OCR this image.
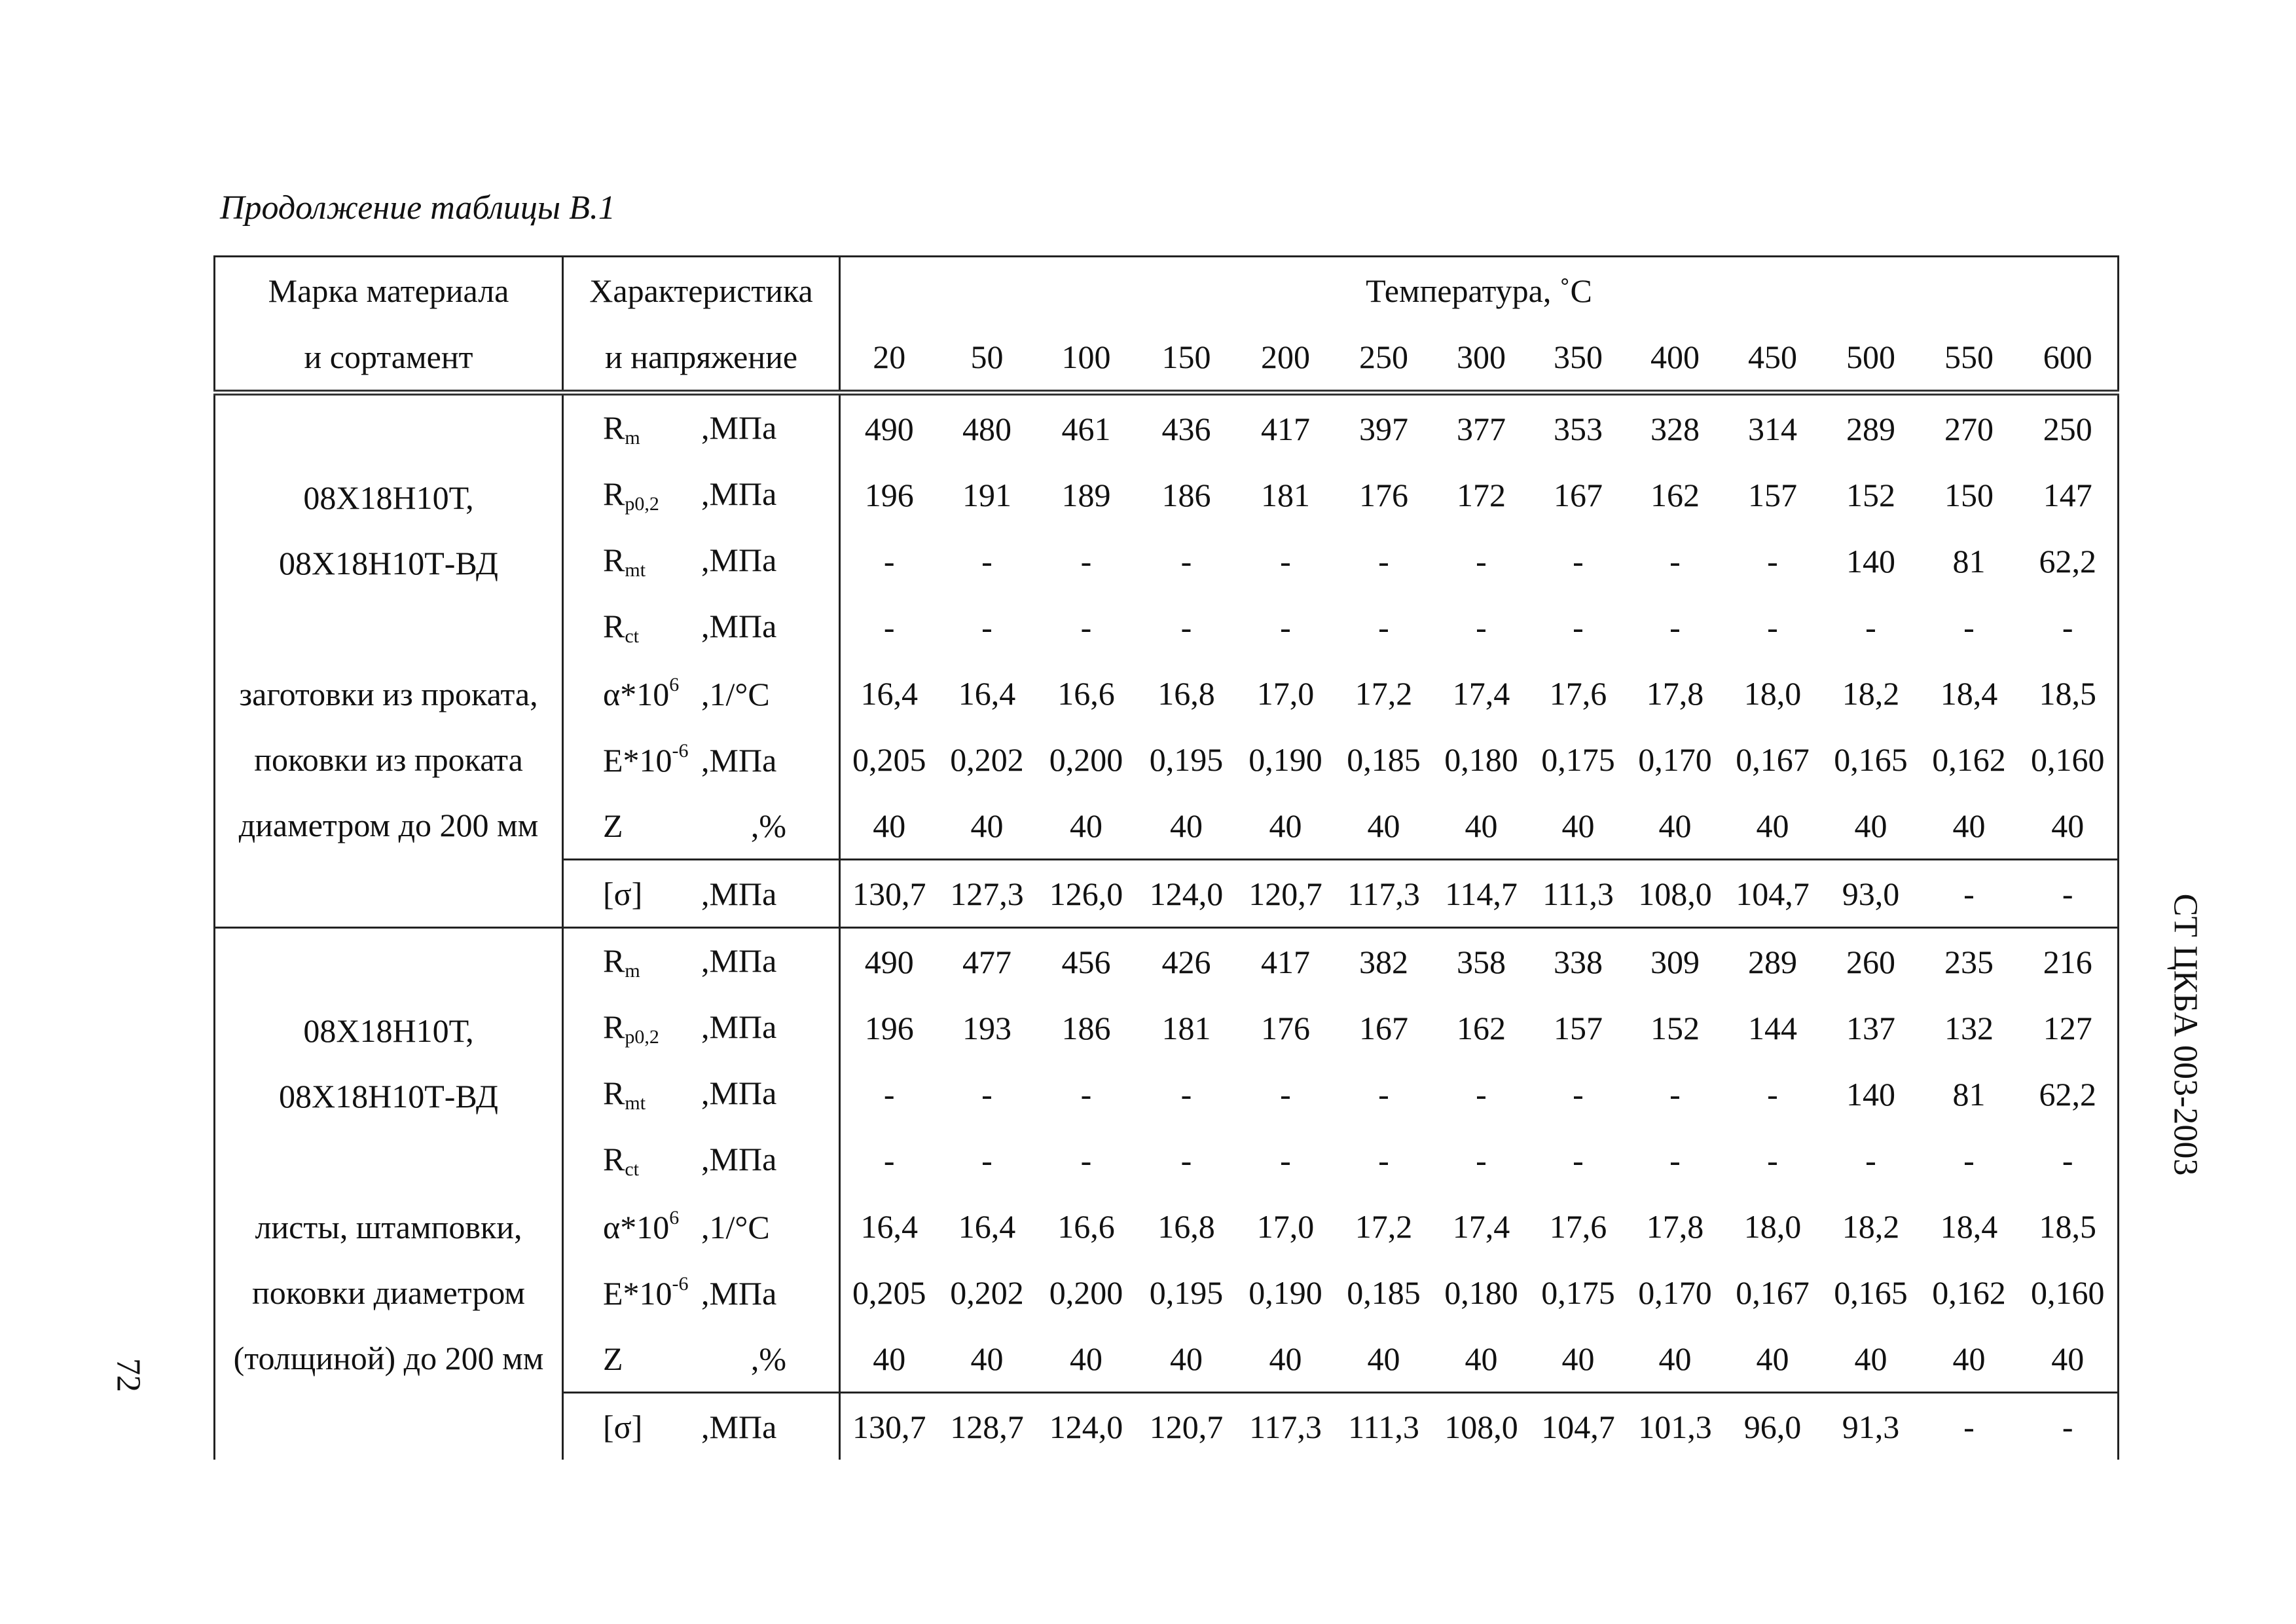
Продолжение таблицы В.1
СТ ЦКБА 003-2003
72
Марка материала	Характеристика	Температура, ˚С												
и сортамент	и напряжение	20	50	100	150	200	250	300	350	400	450	500	550	600

08Х18Н10Т,
08Х18Н10Т-ВД

заготовки из проката,
поковки из проката
диаметром до 200 мм	$R_m$ ,МПа	490	480	461	436	417	397	377	353	328	314	289	270	250
	$R_{p0,2}$ ,МПа	196	191	189	186	181	176	172	167	162	157	152	150	147
	$R_{mt}$ ,МПа	-	-	-	-	-	-	-	-	-	-	140	81	62,2
	$R_{ct}$ ,МПа	-	-	-	-	-	-	-	-	-	-	-	-	-
	$\alpha*10^6$ ,1/°С	16,4	16,4	16,6	16,8	17,0	17,2	17,4	17,6	17,8	18,0	18,2	18,4	18,5
	$E*10^{-6}$ ,МПа	0,205	0,202	0,200	0,195	0,190	0,185	0,180	0,175	0,170	0,167	0,165	0,162	0,160
	Z ,%	40	40	40	40	40	40	40	40	40	40	40	40	40
	[σ] ,МПа	130,7	127,3	126,0	124,0	120,7	117,3	114,7	111,3	108,0	104,7	93,0	-	-

08Х18Н10Т,
08Х18Н10Т-ВД

листы, штамповки,
поковки диаметром
(толщиной) до 200 мм	$R_m$ ,МПа	490	477	456	426	417	382	358	338	309	289	260	235	216
	$R_{p0,2}$ ,МПа	196	193	186	181	176	167	162	157	152	144	137	132	127
	$R_{mt}$ ,МПа	-	-	-	-	-	-	-	-	-	-	140	81	62,2
	$R_{ct}$ ,МПа	-	-	-	-	-	-	-	-	-	-	-	-	-
	$\alpha*10^6$ ,1/°С	16,4	16,4	16,6	16,8	17,0	17,2	17,4	17,6	17,8	18,0	18,2	18,4	18,5
	$E*10^{-6}$ ,МПа	0,205	0,202	0,200	0,195	0,190	0,185	0,180	0,175	0,170	0,167	0,165	0,162	0,160
	Z ,%	40	40	40	40	40	40	40	40	40	40	40	40	40
	[σ] ,МПа	130,7	128,7	124,0	120,7	117,3	111,3	108,0	104,7	101,3	96,0	91,3	-	-
